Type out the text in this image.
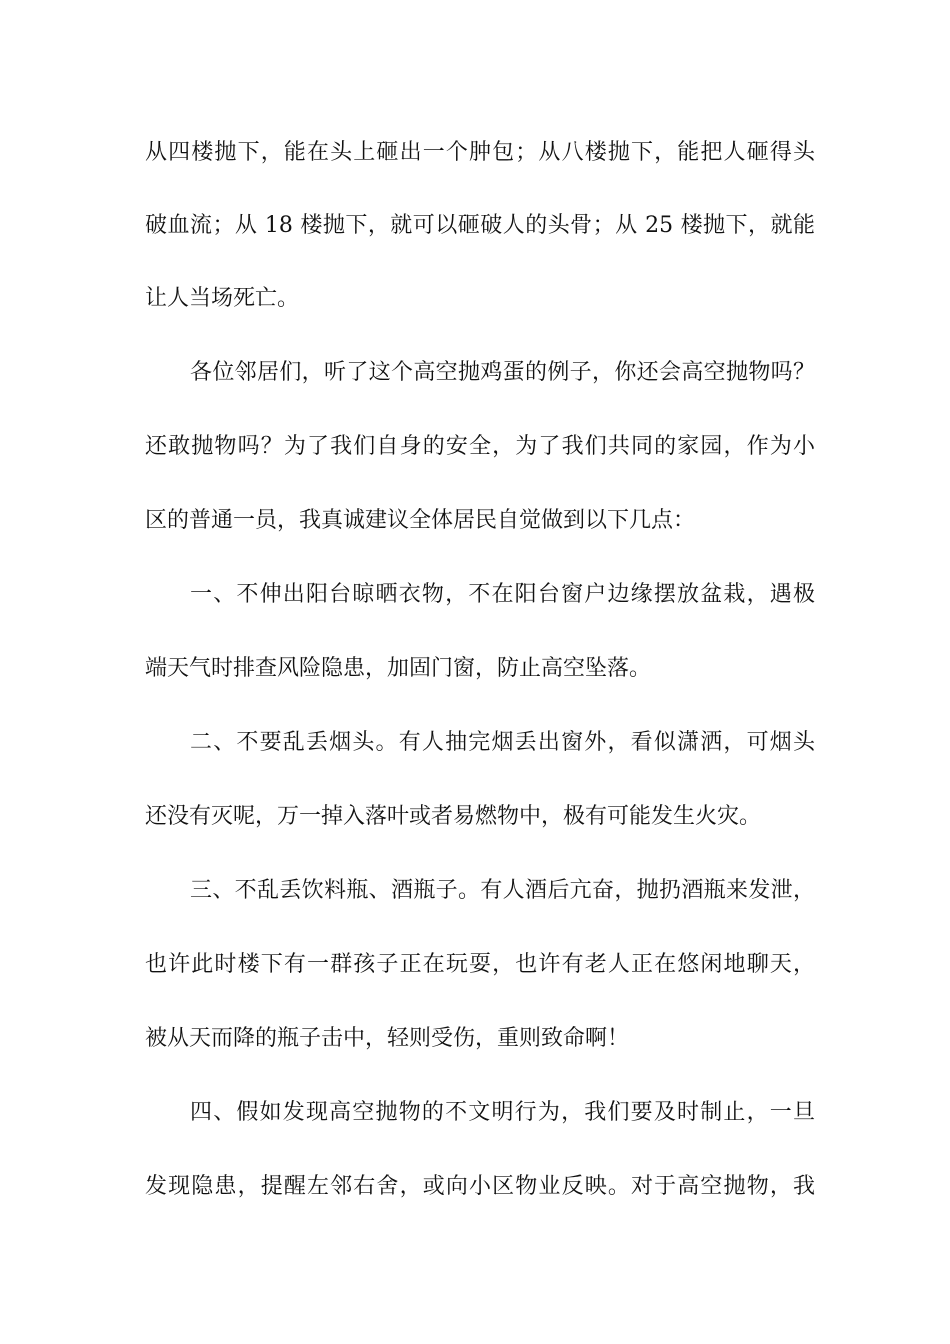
从四楼抛下，能在头上砸出一个肿包；从八楼抛下，能把人砸得头

破血流；从 18 楼抛下，就可以砸破人的头骨；从 25 楼抛下，就能

让人当场死亡。

各位邻居们，听了这个高空抛鸡蛋的例子，你还会高空抛物吗？

还敢抛物吗？为了我们自身的安全，为了我们共同的家园，作为小

区的普通一员，我真诚建议全体居民自觉做到以下几点：

一、不伸出阳台晾晒衣物，不在阳台窗户边缘摆放盆栽，遇极

端天气时排查风险隐患，加固门窗，防止高空坠落。

二、不要乱丢烟头。有人抽完烟丢出窗外，看似潇洒，可烟头

还没有灭呢，万一掉入落叶或者易燃物中，极有可能发生火灾。

三、不乱丢饮料瓶、酒瓶子。有人酒后亢奋，抛扔酒瓶来发泄，

也许此时楼下有一群孩子正在玩耍，也许有老人正在悠闲地聊天，

被从天而降的瓶子击中，轻则受伤，重则致命啊！

四、假如发现高空抛物的不文明行为，我们要及时制止，一旦

发现隐患，提醒左邻右舍，或向小区物业反映。对于高空抛物，我
